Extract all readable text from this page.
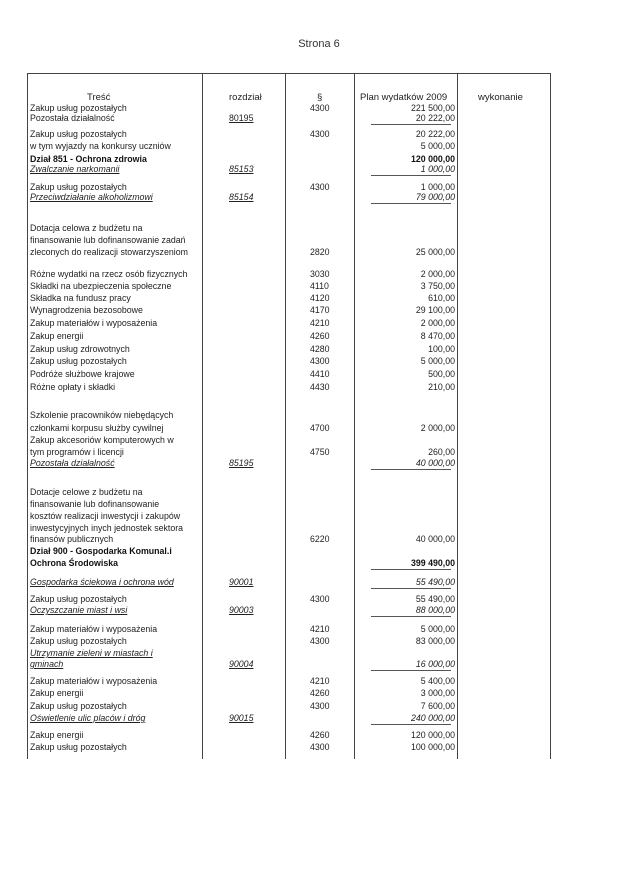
Strona 6
Treść	rozdział	§	Plan wydatków 2009	wykonanie
Zakup usług pozostałych	4300	221 500,00
Pozostała działalność	80195	20 222,00
Zakup usług pozostałych	4300	20 222,00
w tym wyjazdy na konkursy uczniów	5 000,00
Dział 851 - Ochrona zdrowia	120 000,00
Zwalczanie narkomanii	85153	1 000,00
Zakup usług pozostałych	4300	1 000,00
Przeciwdziałanie alkoholizmowi	85154	79 000,00
Dotacja celowa z budżetu na
finansowanie lub dofinansowanie zadań
zleconych do realizacji stowarzyszeniom	2820	25 000,00
Różne wydatki na rzecz osób fizycznych	3030	2 000,00
Składki na ubezpieczenia społeczne	4110	3 750,00
Składka na fundusz pracy	4120	610,00
Wynagrodzenia bezosobowe	4170	29 100,00
Zakup materiałów i wyposażenia	4210	2 000,00
Zakup energii	4260	8 470,00
Zakup usług zdrowotnych	4280	100,00
Zakup usług pozostałych	4300	5 000,00
Podróże służbowe krajowe	4410	500,00
Różne opłaty i składki	4430	210,00
Szkolenie pracowników niebędących
członkami korpusu służby cywilnej	4700	2 000,00
Zakup akcesoriów komputerowych w
tym programów i licencji	4750	260,00
Pozostała działalność	85195	40 000,00
Dotacje celowe z budżetu na
finansowanie lub dofinansowanie
kosztów realizacji inwestycji i zakupów
inwestycyjnych inych jednostek sektora
finansów publicznych	6220	40 000,00
Dział 900 - Gospodarka Komunal.i
Ochrona Środowiska	399 490,00
Gospodarka ściekowa i ochrona wód	90001	55 490,00
Zakup usług pozostałych	4300	55 490,00
Oczyszczanie miast i wsi	90003	88 000,00
Zakup materiałów i wyposażenia	4210	5 000,00
Zakup usług pozostałych	4300	83 000,00
Utrzymanie zieleni w miastach i
gminach	90004	16 000,00
Zakup materiałów i wyposażenia	4210	5 400,00
Zakup energii	4260	3 000,00
Zakup usług pozostałych	4300	7 600,00
Oświetlenie ulic placów i dróg	90015	240 000,00
Zakup energii	4260	120 000,00
Zakup usług pozostałych	4300	100 000,00
